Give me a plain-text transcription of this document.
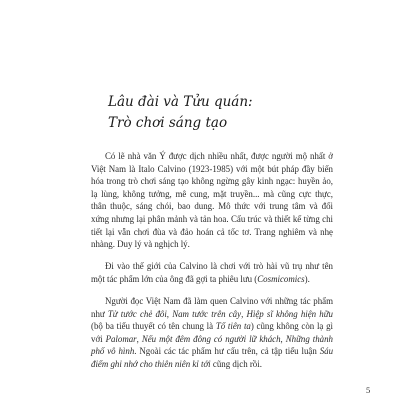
Lâu đài và Tửu quán:
Trò chơi sáng tạo

Có lẽ nhà văn Ý được dịch nhiều nhất, được người mộ nhất ở Việt Nam là Italo Calvino (1923-1985) với một bút pháp đầy biến hóa trong trò chơi sáng tạo không ngừng gây kinh ngạc: huyền ảo, lạ lùng, không tưởng, mê cung, mặt truyền... mà cũng cực thực, thân thuộc, sáng chói, bao dung. Mô thức với trung tâm và đối xứng nhưng lại phân mảnh và tản hoa. Cấu trúc và thiết kế từng chi tiết lại vẫn chơi đùa và đảo hoán cả tốc tơ. Trang nghiêm và nhẹ nhàng. Duy lý và nghịch lý.

Đi vào thế giới của Calvino là chơi với trò hài vũ trụ như tên một tác phẩm lớn của ông đã gợi ta phiêu lưu (Cosmicomics).

Người đọc Việt Nam đã làm quen Calvino với những tác phẩm như Tử tước chẻ đôi, Nam tước trên cây, Hiệp sĩ không hiện hữu (bộ ba tiểu thuyết có tên chung là Tổ tiên ta) cũng không còn lạ gì với Palomar, Nếu một đêm đông có người lữ khách, Những thành phố vô hình. Ngoài các tác phẩm hư cấu trên, cả tập tiểu luận Sáu điểm ghi nhớ cho thiên niên kỉ tới cũng dịch rồi.

5
